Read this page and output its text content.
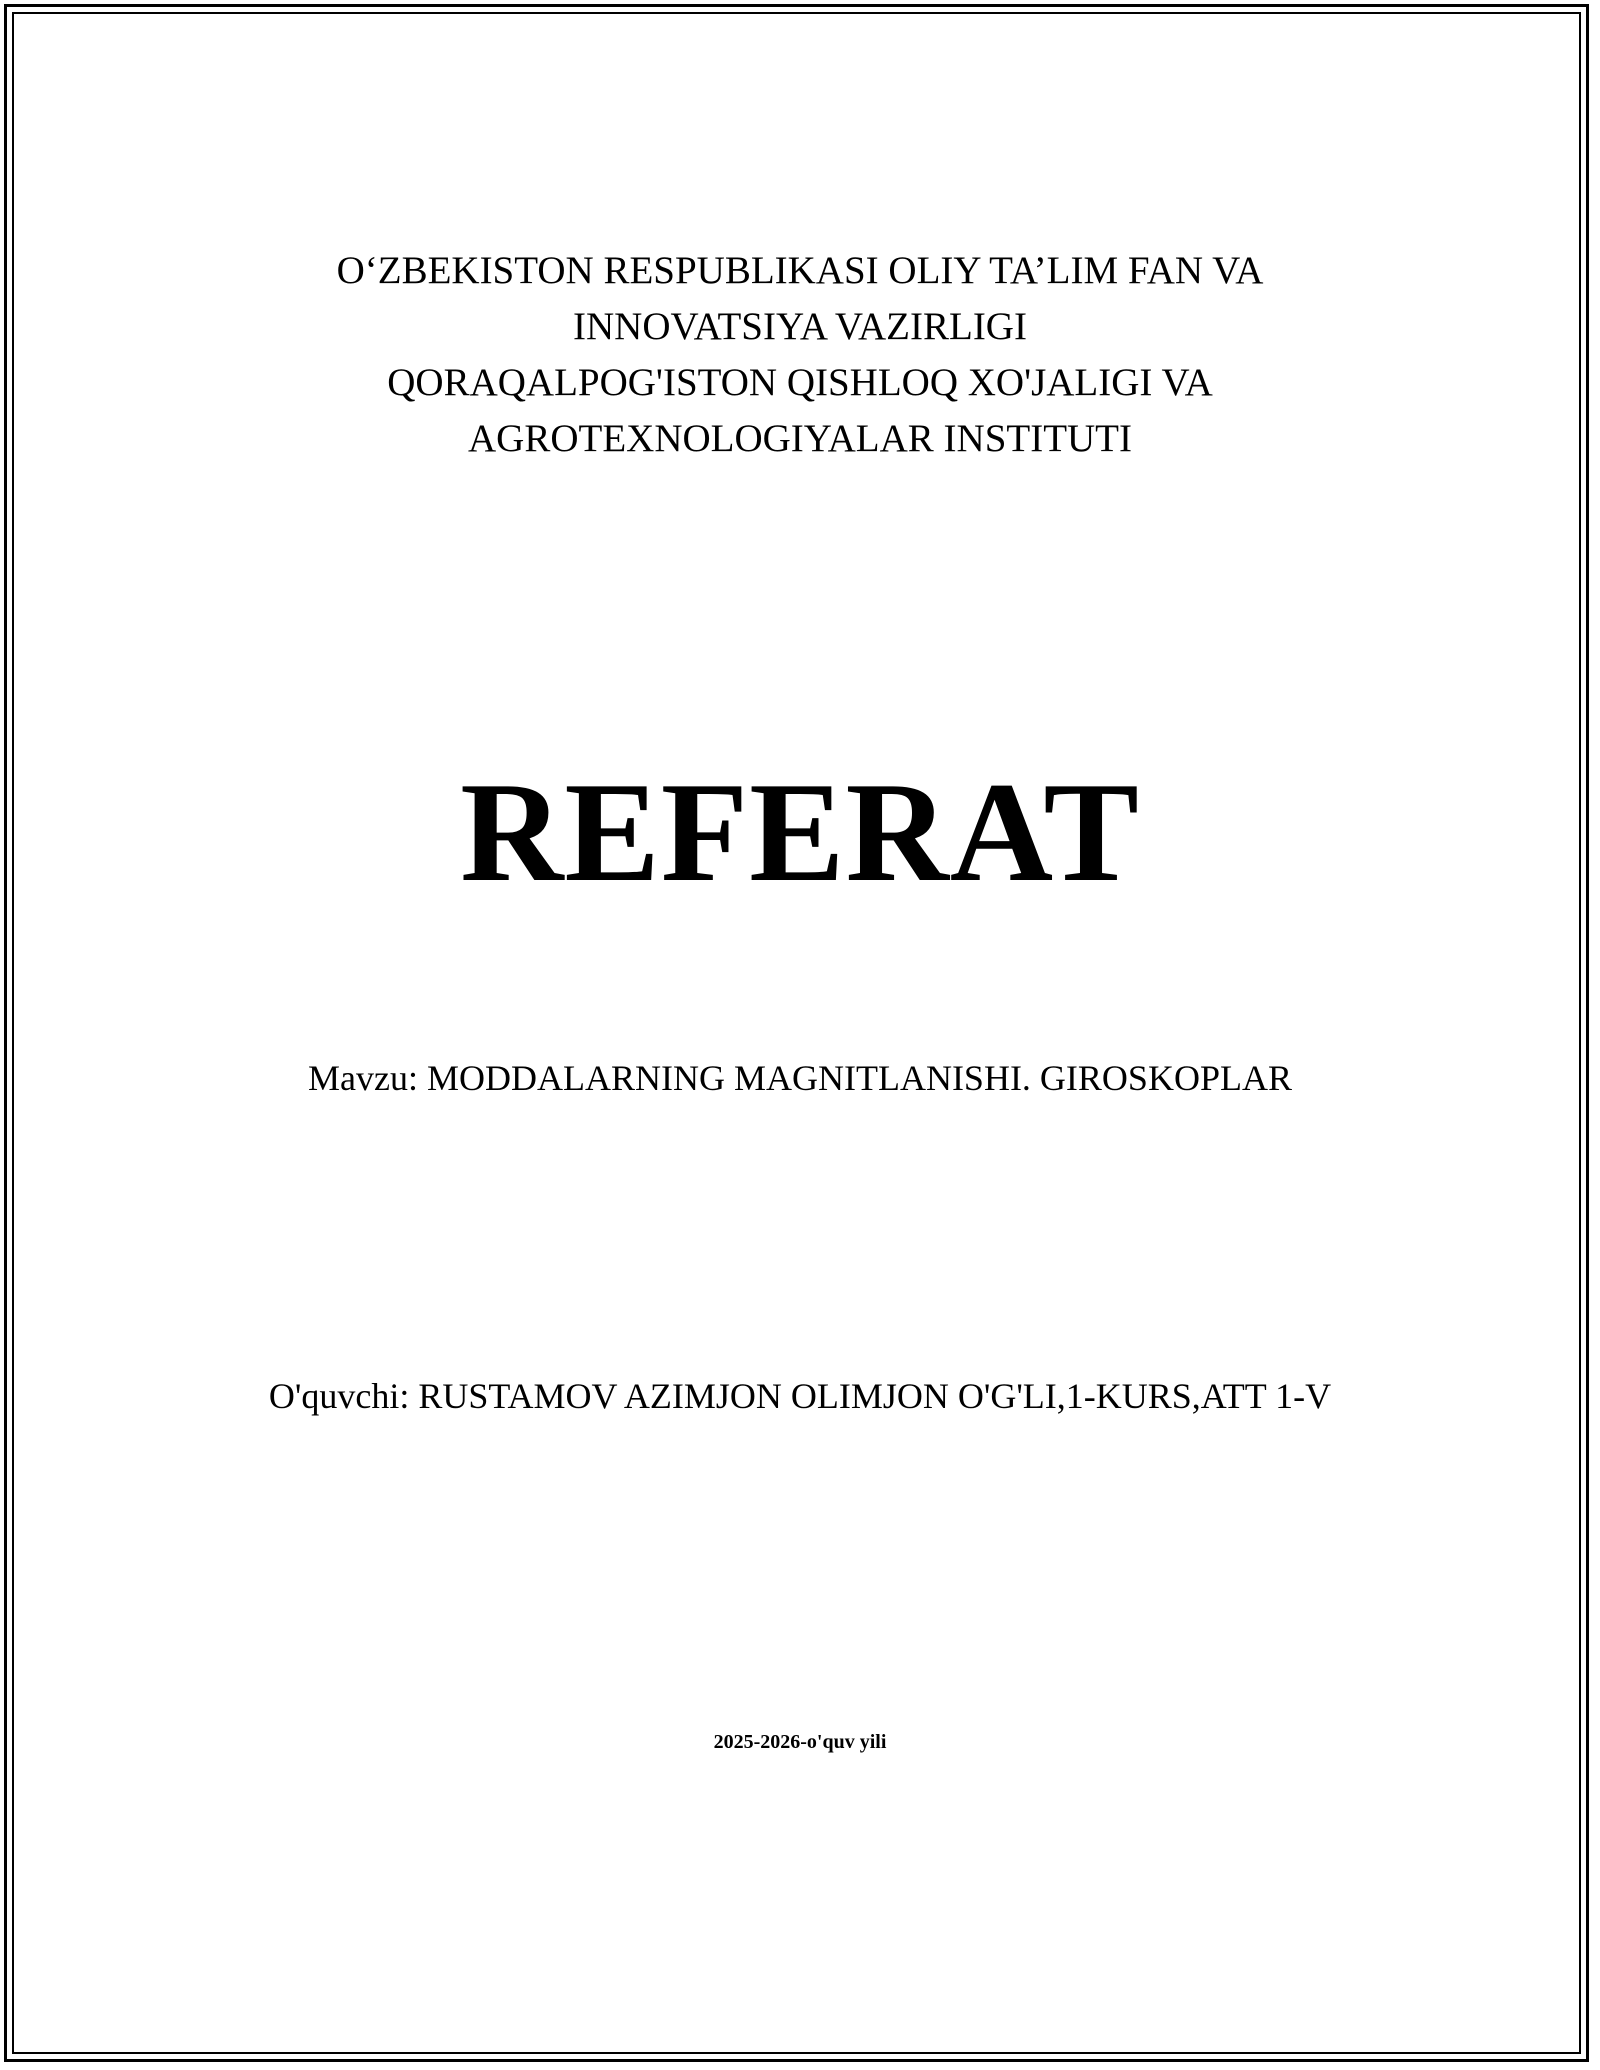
O‘ZBEKISTON RESPUBLIKASI OLIY TA’LIM FAN VA
INNOVATSIYA VAZIRLIGI
QORAQALPOG'ISTON QISHLOQ XO'JALIGI VA
AGROTEXNOLOGIYALAR INSTITUTI
REFERAT
Mavzu: MODDALARNING MAGNITLANISHI. GIROSKOPLAR
O'quvchi: RUSTAMOV AZIMJON OLIMJON O'G'LI,1-KURS,ATT 1-V
2025-2026-o'quv yili
